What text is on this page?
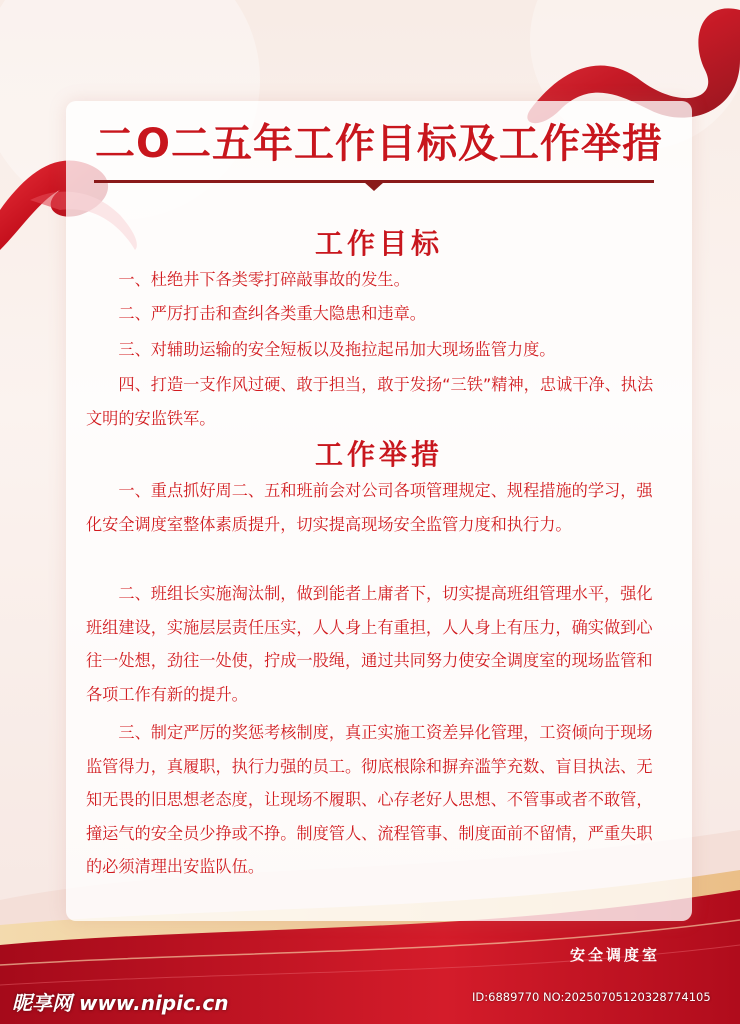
二O二五年工作目标及工作举措
工作目标

一、杜绝井下各类零打碎敲事故的发生。

二、严厉打击和查纠各类重大隐患和违章。

三、对辅助运输的安全短板以及拖拉起吊加大现场监管力度。

四、打造一支作风过硬、敢于担当，敢于发扬“三铁”精神，忠诚干净、执法文明的安监铁军。

工作举措

一、重点抓好周二、五和班前会对公司各项管理规定、规程措施的学习，强化安全调度室整体素质提升，切实提高现场安全监管力度和执行力。

二、班组长实施淘汰制，做到能者上庸者下，切实提高班组管理水平，强化班组建设，实施层层责任压实，人人身上有重担，人人身上有压力，确实做到心往一处想，劲往一处使，拧成一股绳，通过共同努力使安全调度室的现场监管和各项工作有新的提升。

三、制定严厉的奖惩考核制度，真正实施工资差异化管理，工资倾向于现场监管得力，真履职，执行力强的员工。彻底根除和摒弃滥竽充数、盲目执法、无知无畏的旧思想老态度，让现场不履职、心存老好人思想、不管事或者不敢管，撞运气的安全员少挣或不挣。制度管人、流程管事、制度面前不留情，严重失职的必须清理出安监队伍。

安全调度室
昵享网 www.nipic.cn	ID:6889770 NO:20250705120328774105
